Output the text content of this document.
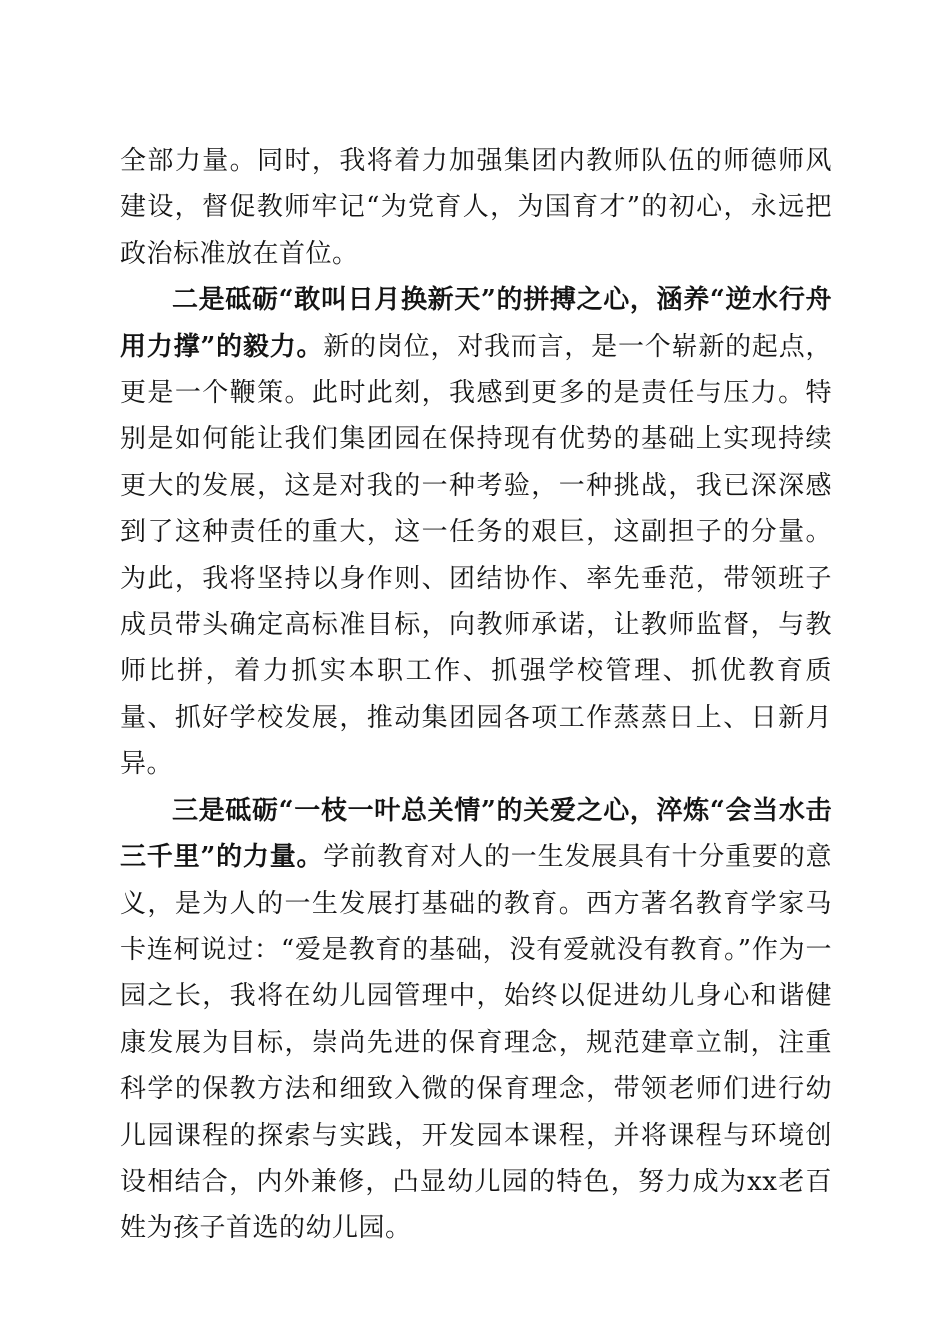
全部力量。同时，我将着力加强集团内教师队伍的师德师风建设，督促教师牢记“为党育人，为国育才”的初心，永远把政治标准放在首位。

二是砥砺“敢叫日月换新天”的拼搏之心，涵养“逆水行舟用力撑”的毅力。新的岗位，对我而言，是一个崭新的起点，更是一个鞭策。此时此刻，我感到更多的是责任与压力。特别是如何能让我们集团园在保持现有优势的基础上实现持续更大的发展，这是对我的一种考验，一种挑战，我已深深感到了这种责任的重大，这一任务的艰巨，这副担子的分量。为此，我将坚持以身作则、团结协作、率先垂范，带领班子成员带头确定高标准目标，向教师承诺，让教师监督，与教师比拼，着力抓实本职工作、抓强学校管理、抓优教育质量、抓好学校发展，推动集团园各项工作蒸蒸日上、日新月异。

三是砥砺“一枝一叶总关情”的关爱之心，淬炼“会当水击三千里”的力量。学前教育对人的一生发展具有十分重要的意义，是为人的一生发展打基础的教育。西方著名教育学家马卡连柯说过：“爱是教育的基础，没有爱就没有教育。”作为一园之长，我将在幼儿园管理中，始终以促进幼儿身心和谐健康发展为目标，崇尚先进的保育理念，规范建章立制，注重科学的保教方法和细致入微的保育理念，带领老师们进行幼儿园课程的探索与实践，开发园本课程，并将课程与环境创设相结合，内外兼修，凸显幼儿园的特色，努力成为xx老百姓为孩子首选的幼儿园。
